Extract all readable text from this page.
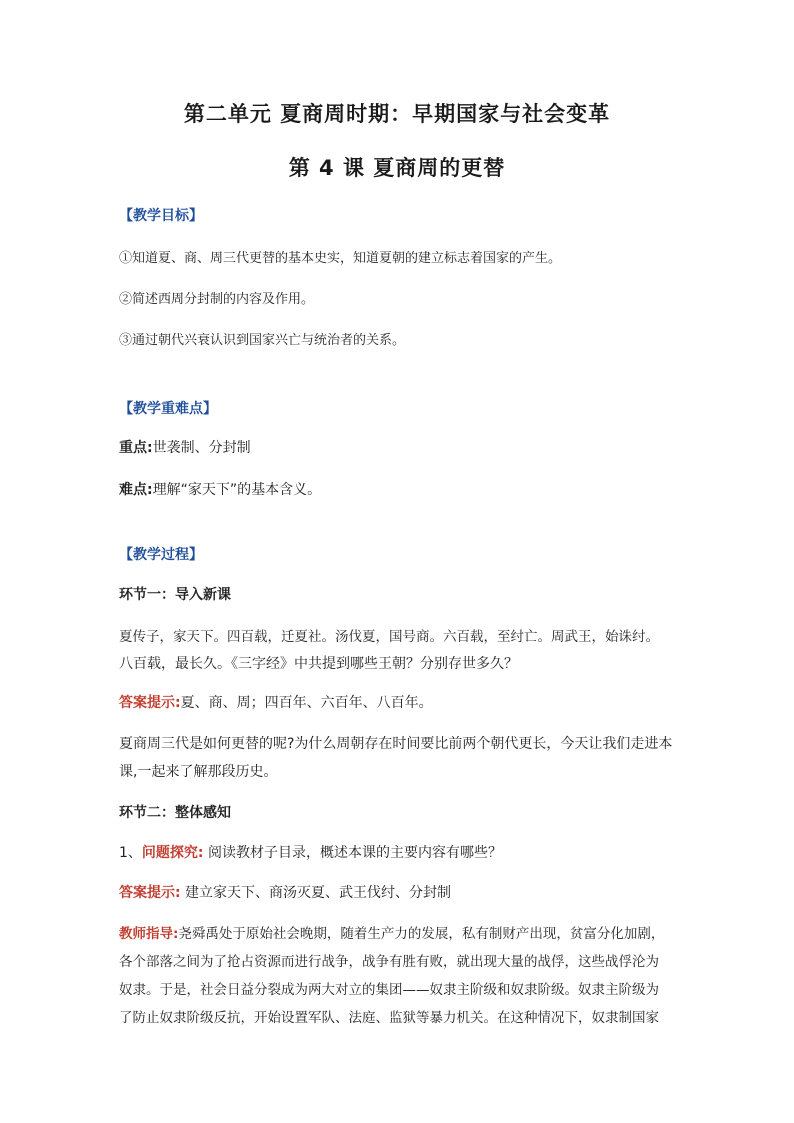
第二单元 夏商周时期：早期国家与社会变革
第 4 课 夏商周的更替
【教学目标】
①知道夏、商、周三代更替的基本史实，知道夏朝的建立标志着国家的产生。
②简述西周分封制的内容及作用。
③通过朝代兴衰认识到国家兴亡与统治者的关系。
【教学重难点】
重点:世袭制、分封制
难点:理解“家天下”的基本含义。
【教学过程】
环节一：导入新课
夏传子，家天下。四百载，迁夏社。汤伐夏，国号商。六百载，至纣亡。周武王，始诛纣。
八百载，最长久。《三字经》中共提到哪些王朝？分别存世多久？
答案提示:夏、商、周；四百年、六百年、八百年。
夏商周三代是如何更替的呢?为什么周朝存在时间要比前两个朝代更长，今天让我们走进本
课,一起来了解那段历史。
环节二：整体感知
1、问题探究: 阅读教材子目录，概述本课的主要内容有哪些？
答案提示: 建立家天下、商汤灭夏、武王伐纣、分封制
教师指导:尧舜禹处于原始社会晚期，随着生产力的发展，私有制财产出现，贫富分化加剧，
各个部落之间为了抢占资源而进行战争，战争有胜有败，就出现大量的战俘，这些战俘沦为
奴隶。于是，社会日益分裂成为两大对立的集团——奴隶主阶级和奴隶阶级。奴隶主阶级为
了防止奴隶阶级反抗，开始设置军队、法庭、监狱等暴力机关。在这种情况下，奴隶制国家
